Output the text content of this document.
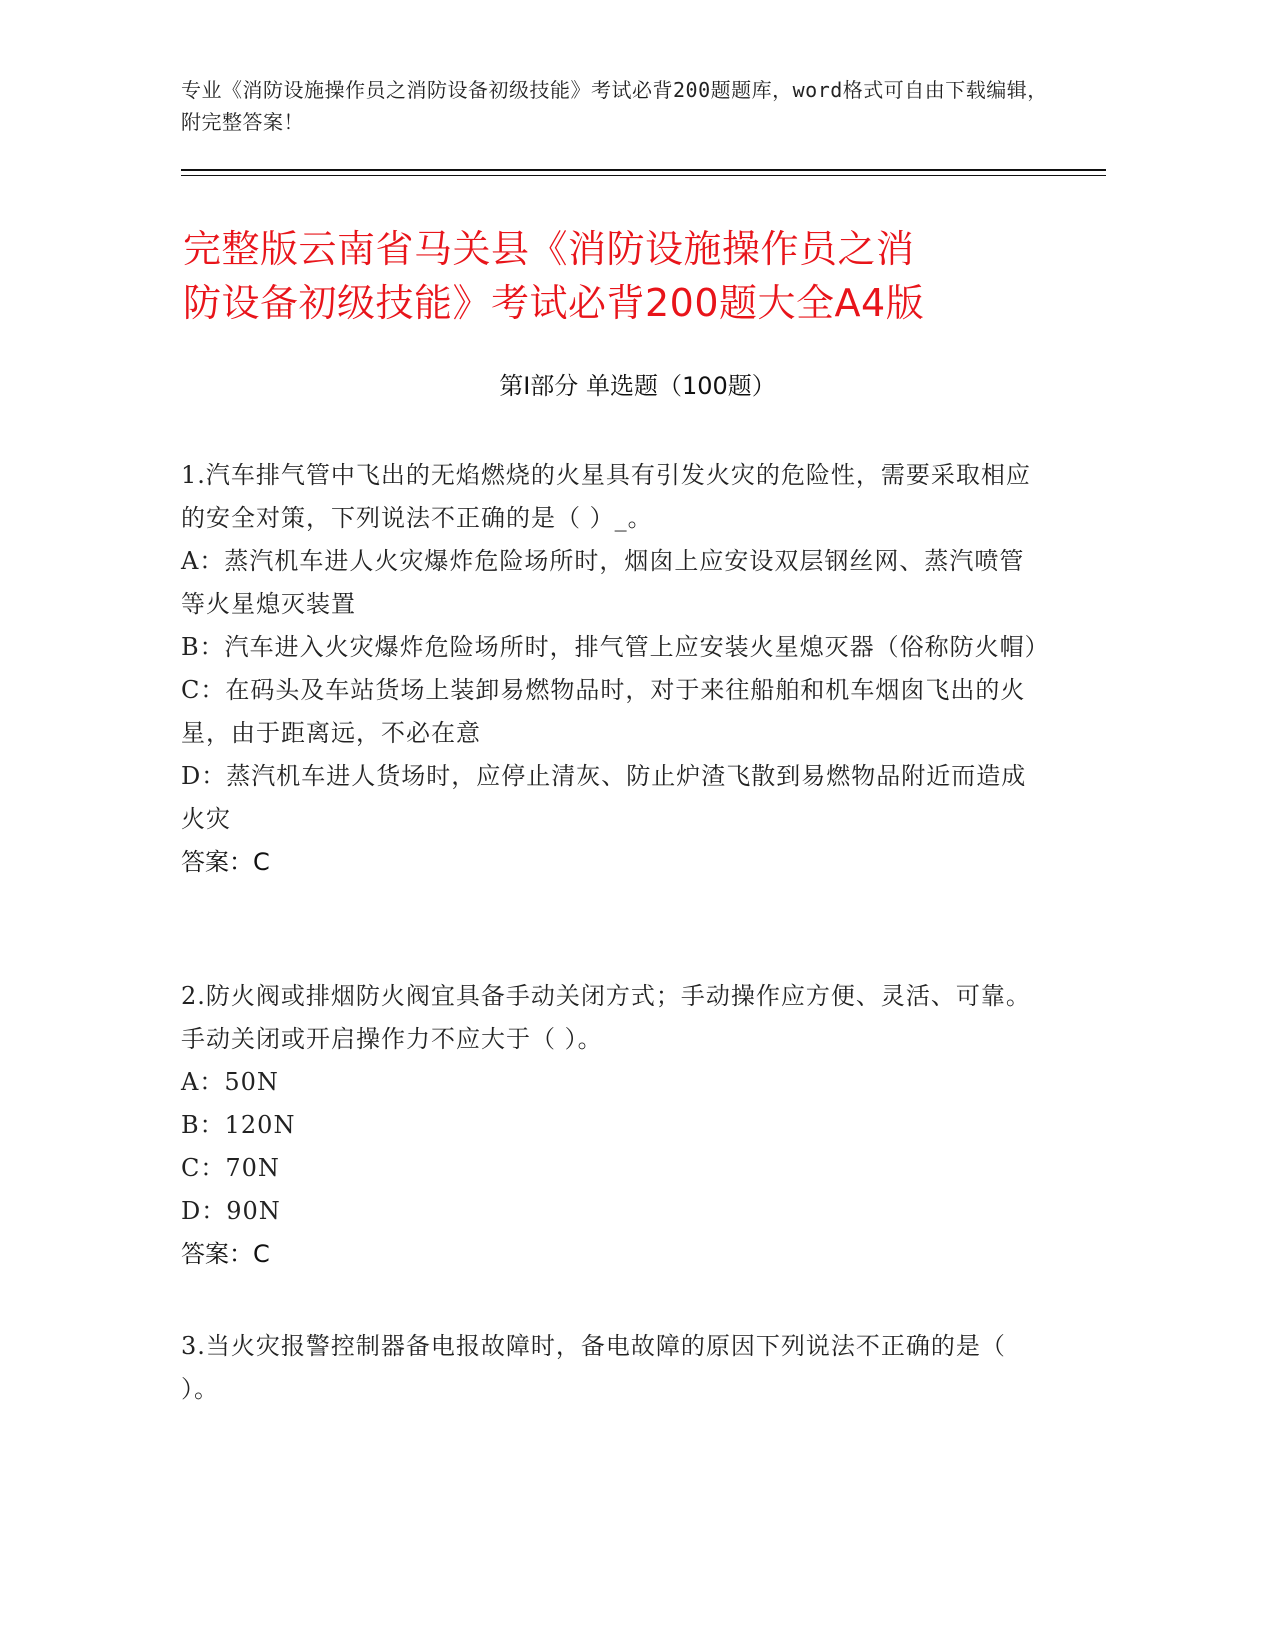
专业《消防设施操作员之消防设备初级技能》考试必背200题题库，word格式可自由下载编辑，附完整答案！
完整版云南省马关县《消防设施操作员之消
防设备初级技能》考试必背200题大全A4版
第I部分 单选题（100题）

1.汽车排气管中飞出的无焰燃烧的火星具有引发火灾的危险性，需要采取相应的安全对策，下列说法不正确的是（ ）_。

A：蒸汽机车进人火灾爆炸危险场所时，烟囱上应安设双层钢丝网、蒸汽喷管等火星熄灭装置

B：汽车进入火灾爆炸危险场所时，排气管上应安装火星熄灭器（俗称防火帽）

C：在码头及车站货场上装卸易燃物品时，对于来往船舶和机车烟囱飞出的火星，由于距离远，不必在意

D：蒸汽机车进人货场时，应停止清灰、防止炉渣飞散到易燃物品附近而造成火灾

答案：C

2.防火阀或排烟防火阀宜具备手动关闭方式；手动操作应方便、灵活、可靠。手动关闭或开启操作力不应大于（ ）。

A：50N

B：120N

C：70N

D：90N

答案：C

3.当火灾报警控制器备电报故障时，备电故障的原因下列说法不正确的是（ ）。
